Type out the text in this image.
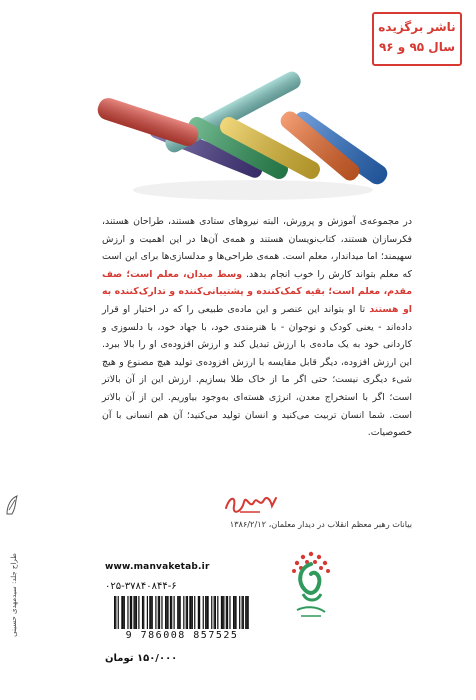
ناشر برگزیده
سال ۹۵ و ۹۶
در مجموعه‌ی آموزش و پرورش، البته نیروهای ستادی هستند، طراحان هستند، فکرسازان هستند، کتاب‌نویسان هستند و همه‌ی آن‌ها در این اهمیت و ارزش سهیمند؛ اما میداندار، معلم است. همه‌ی طراحی‌ها و مدلسازی‌ها برای این است که معلم بتواند کارش را خوب انجام بدهد. وسط میدان، معلم است؛ صف مقدم، معلم است؛ بقیه کمک‌کننده و پشتیبانی‌کننده و تدارک‌کننده به او هستند تا او بتواند این عنصر و این ماده‌ی طبیعی را که در اختیار او قرار داده‌اند - یعنی کودک و نوجوان - با هنرمندی خود، با جهاد خود، با دلسوزی و کاردانی خود به یک ماده‌ی با ارزش تبدیل کند و ارزش افزوده‌ی او را بالا ببرد. این ارزش افزوده، دیگر قابل مقایسه با ارزش افزوده‌ی تولید هیچ مصنوع و هیچ شیء دیگری نیست؛ حتی اگر ما از خاک طلا بسازیم. ارزش این از آن بالاتر است؛ اگر با استخراج معدن، انرژی هسته‌ای به‌وجود بیاوریم. این از آن بالاتر است. شما انسان تربیت می‌کنید و انسان تولید می‌کنید؛ آن هم انسانی با آن خصوصیات.
بیانات رهبر معظم انقلاب در دیدار معلمان، ۱۳۸۶/۲/۱۲
www.manvaketab.ir
۰۲۵-۳۷۸۴۰۸۴۴-۶
9 786008 857525
۱۵۰/۰۰۰ تومان
طراح جلد: سید‌مهدی حسینی
